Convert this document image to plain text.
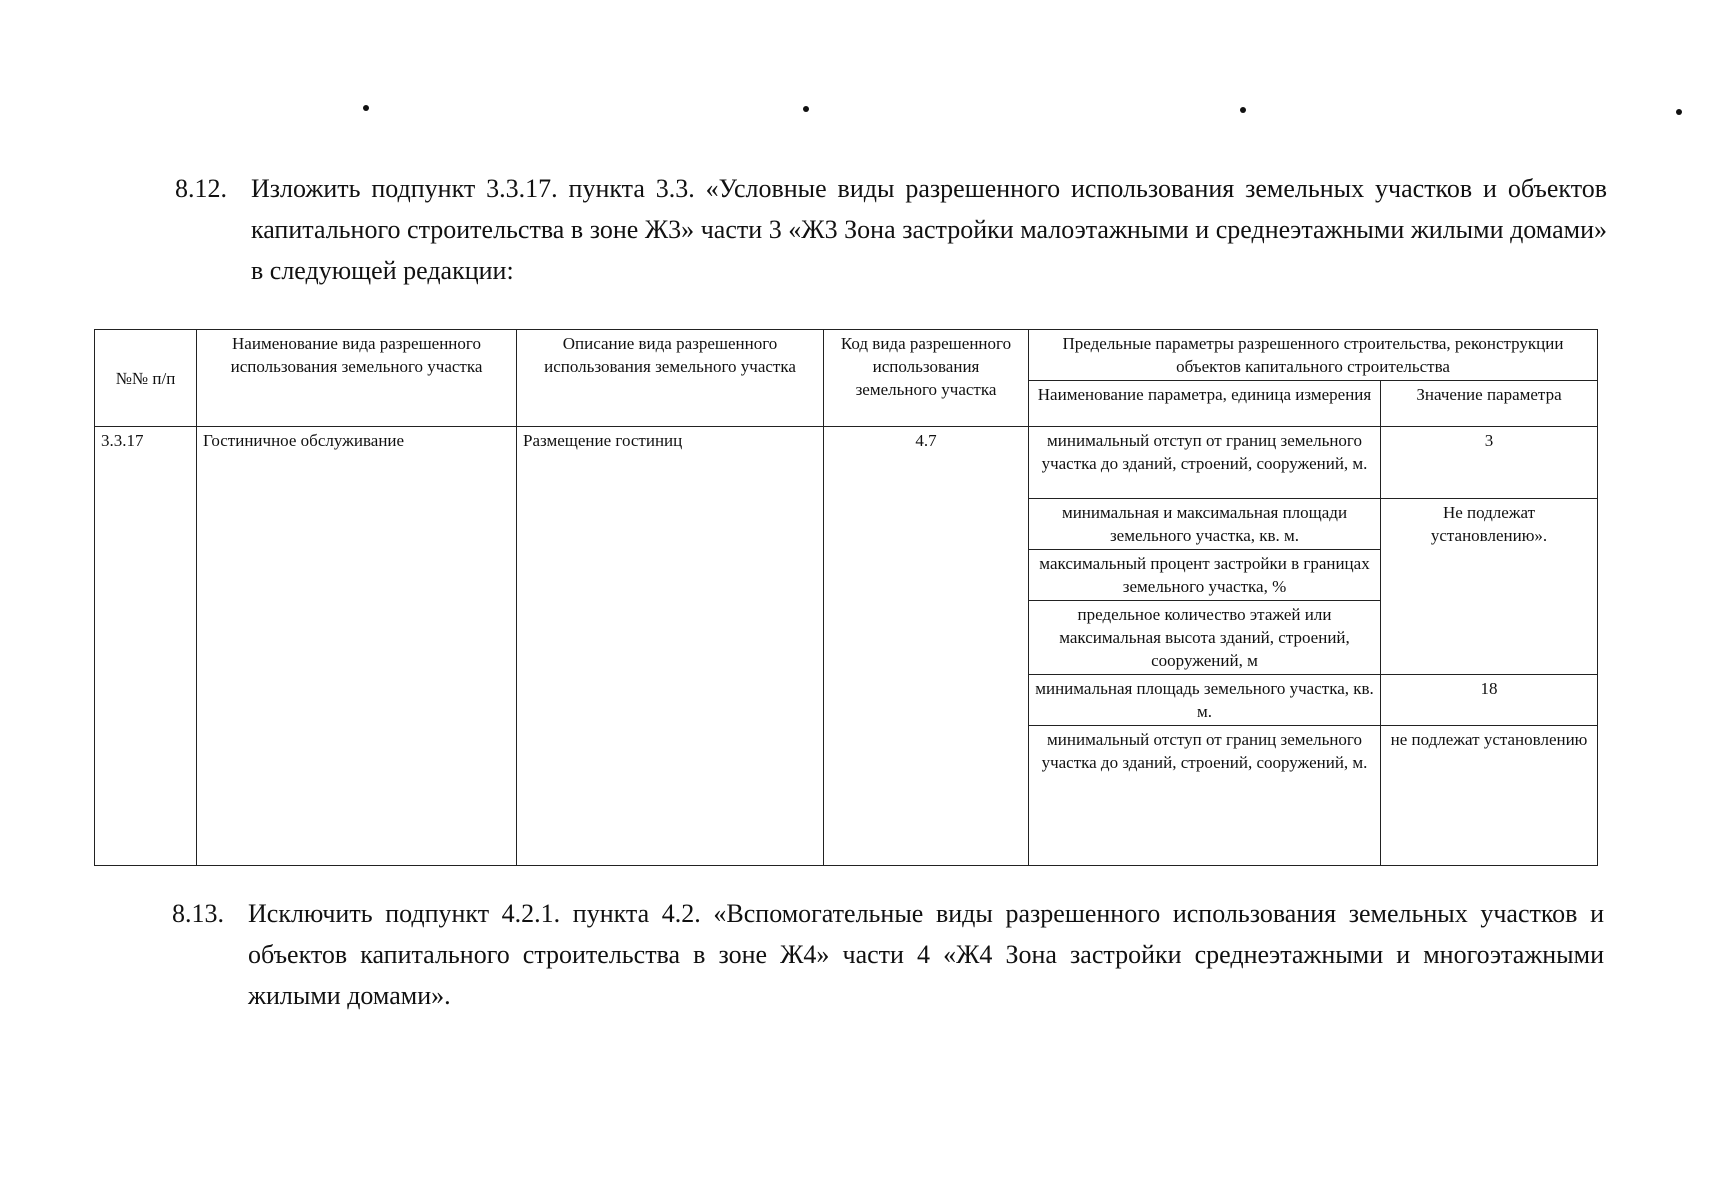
8.12. Изложить подпункт 3.3.17. пункта 3.3. «Условные виды разрешенного использования земельных участков и объектов капитального строительства в зоне Ж3» части 3 «Ж3 Зона застройки малоэтажными и среднеэтажными жилыми домами» в следующей редакции:
№№ п/п	Наименование вида разрешенного использования земельного участка	Описание вида разрешенного использования земельного участка	Код вида разрешенного использования земельного участка	Предельные параметры разрешенного строительства, реконструкции объектов капитального строительства	
				Наименование параметра, единица измерения	Значение параметра
3.3.17	Гостиничное обслуживание	Размещение гостиниц	4.7	минимальный отступ от границ земельного участка до зданий, строений, сооружений, м.	3
				минимальная и максимальная площади земельного участка, кв. м.	Не подлежат установлению».
				максимальный процент застройки в границах земельного участка, %	
				предельное количество этажей или максимальная высота зданий, строений, сооружений, м	
				минимальная площадь земельного участка, кв. м.	18
				минимальный отступ от границ земельного участка до зданий, строений, сооружений, м.	не подлежат установлению
8.13. Исключить подпункт 4.2.1. пункта 4.2. «Вспомогательные виды разрешенного использования земельных участков и объектов капитального строительства в зоне Ж4» части 4 «Ж4 Зона застройки среднеэтажными и многоэтажными жилыми домами».
